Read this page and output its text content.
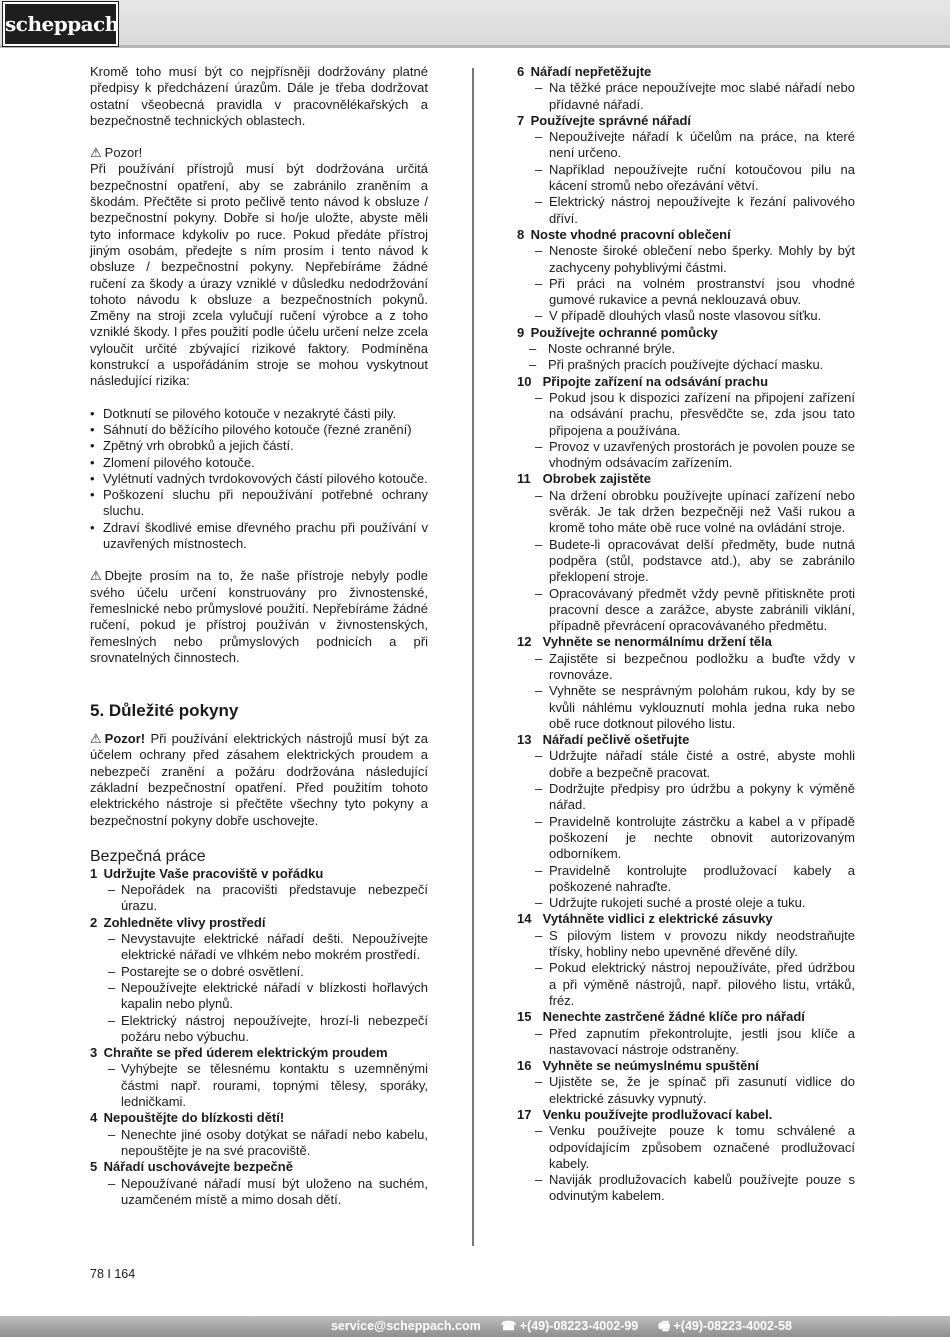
scheppach

Kromě toho musí být co nejpřísněji dodržovány platné předpisy k předcházení úrazům. Dále je třeba dodržovat ostatní všeobecná pravidla v pracovnělékařských a bezpečnostně technických oblastech.

⚠ Pozor!

Při používání přístrojů musí být dodržována určitá bezpečnostní opatření, aby se zabránilo zraněním a škodám. Přečtěte si proto pečlivě tento návod k obsluze / bezpečnostní pokyny. Dobře si ho/je uložte, abyste měli tyto informace kdykoliv po ruce. Pokud předáte přístroj jiným osobám, předejte s ním prosím i tento návod k obsluze / bezpečnostní pokyny. Nepřebíráme žádné ručení za škody a úrazy vzniklé v důsledku nedodržování tohoto návodu k obsluze a bezpečnostních pokynů. Změny na stroji zcela vylučují ručení výrobce a z toho vzniklé škody. I přes použití podle účelu určení nelze zcela vyloučit určité zbývající rizikové faktory. Podmíněna konstrukcí a uspořádáním stroje se mohou vyskytnout následující rizika:

• Dotknutí se pilového kotouče v nezakryté části pily.
• Sáhnutí do běžícího pilového kotouče (řezné zranění)
• Zpětný vrh obrobků a jejich částí.
• Zlomení pilového kotouče.
• Vylétnutí vadných tvrdokovových částí pilového kotouče.
• Poškození sluchu při nepoužívání potřebné ochrany sluchu.
• Zdraví škodlivé emise dřevného prachu při používání v uzavřených místnostech.

⚠ Dbejte prosím na to, že naše přístroje nebyly podle svého účelu určení konstruovány pro živnostenské, řemeslnické nebo průmyslové použití. Nepřebíráme žádné ručení, pokud je přístroj používán v živnostenských, řemeslných nebo průmyslových podnicích a při srovnatelných činnostech.

5. Důležité pokyny

⚠ Pozor! Při používání elektrických nástrojů musí být za účelem ochrany před zásahem elektrických proudem a nebezpečí zranění a požáru dodržována následující základní bezpečnostní opatření. Před použitím tohoto elektrického nástroje si přečtěte všechny tyto pokyny a bezpečnostní pokyny dobře uschovejte.

Bezpečná práce
1
Udržujte Vaše pracoviště v pořádku
– Nepořádek na pracovišti představuje nebezpečí úrazu.
2
Zohledněte vlivy prostředí
– Nevystavujte elektrické nářadí dešti. Nepoužívejte elektrické nářadí ve vlhkém nebo mokrém prostředí.
– Postarejte se o dobré osvětlení.
– Nepoužívejte elektrické nářadí v blízkosti hořlavých kapalin nebo plynů.
– Elektrický nástroj nepoužívejte, hrozí-li nebezpečí požáru nebo výbuchu.
3
Chraňte se před úderem elektrickým proudem
– Vyhýbejte se tělesnému kontaktu s uzemněnými částmi např. rourami, topnými tělesy, sporáky, ledničkami.
4
Nepouštějte do blízkosti dětí!
– Nenechte jiné osoby dotýkat se nářadí nebo kabelu, nepouštějte je na své pracoviště.
5
Nářadí uschovávejte bezpečně
– Nepoužívané nářadí musí být uloženo na suchém, uzamčeném místě a mimo dosah dětí.
6
Nářadí nepřetěžujte
– Na těžké práce nepoužívejte moc slabé nářadí nebo přídavné nářadí.
7
Používejte správné nářadí
– Nepoužívejte nářadí k účelům na práce, na které není určeno.
– Například nepoužívejte ruční kotoučovou pilu na kácení stromů nebo ořezávání větví.
– Elektrický nástroj nepoužívejte k řezání palivového dříví.
8
Noste vhodné pracovní oblečení
– Nenoste široké oblečení nebo šperky. Mohly by být zachyceny pohyblivými částmi.
– Při práci na volném prostranství jsou vhodné gumové rukavice a pevná neklouzavá obuv.
– V případě dlouhých vlasů noste vlasovou síťku.
9
Používejte ochranné pomůcky
– Noste ochranné brýle.
– Při prašných pracích používejte dýchací masku.
10
Připojte zařízení na odsávání prachu
– Pokud jsou k dispozici zařízení na připojení zařízení na odsávání prachu, přesvědčte se, zda jsou tato připojena a používána.
– Provoz v uzavřených prostorách je povolen pouze se vhodným odsávacím zařízením.
11
Obrobek zajistěte
– Na držení obrobku používejte upínací zařízení nebo svěrák. Je tak držen bezpečněji než Vaši rukou a kromě toho máte obě ruce volné na ovládání stroje.
– Budete-li opracovávat delší předměty, bude nutná podpěra (stůl, podstavce atd.), aby se zabránilo překlopení stroje.
– Opracovávaný předmět vždy pevně přitiskněte proti pracovní desce a zarážce, abyste zabránili viklání, případně převrácení opracovávaného předmětu.
12
Vyhněte se nenormálnímu držení těla
– Zajistěte si bezpečnou podložku a buďte vždy v rovnováze.
– Vyhněte se nesprávným polohám rukou, kdy by se kvůli náhlému vyklouznutí mohla jedna ruka nebo obě ruce dotknout pilového listu.
13
Nářadí pečlivě ošetřujte
– Udržujte nářadí stále čisté a ostré, abyste mohli dobře a bezpečně pracovat.
– Dodržujte předpisy pro údržbu a pokyny k výměně nářad.
– Pravidelně kontrolujte zástrčku a kabel a v případě poškození je nechte obnovit autorizovaným odborníkem.
– Pravidelně kontrolujte prodlužovací kabely a poškozené nahraďte.
– Udržujte rukojeti suché a prosté oleje a tuku.
14
Vytáhněte vidlici z elektrické zásuvky
– S pilovým listem v provozu nikdy neodstraňujte třísky, hobliny nebo upevněné dřevěné díly.
– Pokud elektrický nástroj nepoužíváte, před údržbou a při výměně nástrojů, např. pilového listu, vrtáků, fréz.
15
Nenechte zastrčené žádné klíče pro nářadí
– Před zapnutím překontrolujte, jestli jsou klíče a nastavovací nástroje odstraněny.
16
Vyhněte se neúmyslnému spuštění
– Ujistěte se, že je spínač při zasunutí vidlice do elektrické zásuvky vypnutý.
17
Venku používejte prodlužovací kabel.
– Venku používejte pouze k tomu schválené a odpovídajícím způsobem označené prodlužovací kabely.
– Naviják prodlužovacích kabelů používejte pouze s odvinutým kabelem.
78 I 164
service@scheppach.com ☎ +(49)-08223-4002-99 🖷 +(49)-08223-4002-58
